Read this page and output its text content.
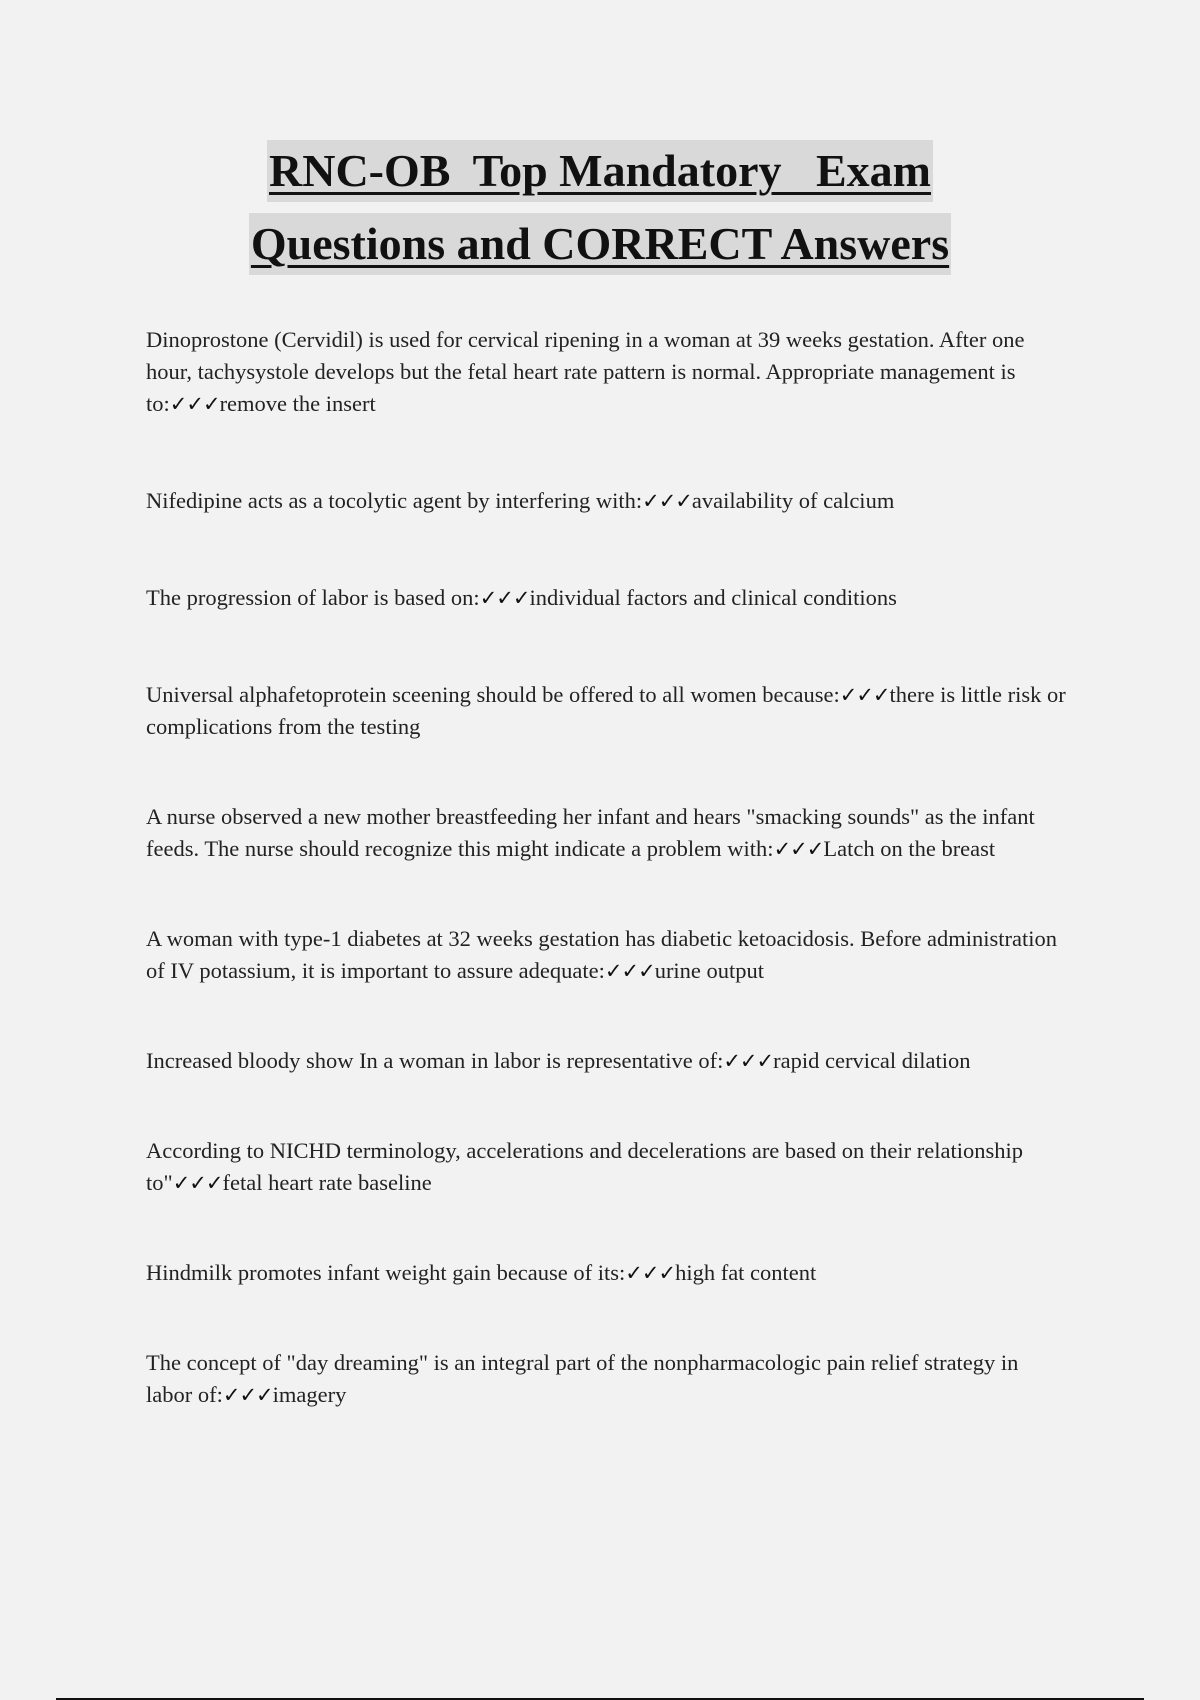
RNC-OB  Top Mandatory   Exam
Questions and CORRECT Answers

Dinoprostone (Cervidil) is used for cervical ripening in a woman at 39 weeks gestation. After one hour, tachysystole develops but the fetal heart rate pattern is normal. Appropriate management is to:✓✓✓remove the insert

Nifedipine acts as a tocolytic agent by interfering with:✓✓✓availability of calcium

The progression of labor is based on:✓✓✓individual factors and clinical conditions

Universal alphafetoprotein sceening should be offered to all women because:✓✓✓there is little risk or complications from the testing

A nurse observed a new mother breastfeeding her infant and hears "smacking sounds" as the infant feeds. The nurse should recognize this might indicate a problem with:✓✓✓Latch on the breast

A woman with type-1 diabetes at 32 weeks gestation has diabetic ketoacidosis. Before administration of IV potassium, it is important to assure adequate:✓✓✓urine output

Increased bloody show In a woman in labor is representative of:✓✓✓rapid cervical dilation

According to NICHD terminology, accelerations and decelerations are based on their relationship to"✓✓✓fetal heart rate baseline

Hindmilk promotes infant weight gain because of its:✓✓✓high fat content

The concept of "day dreaming" is an integral part of the nonpharmacologic pain relief strategy in labor of:✓✓✓imagery
